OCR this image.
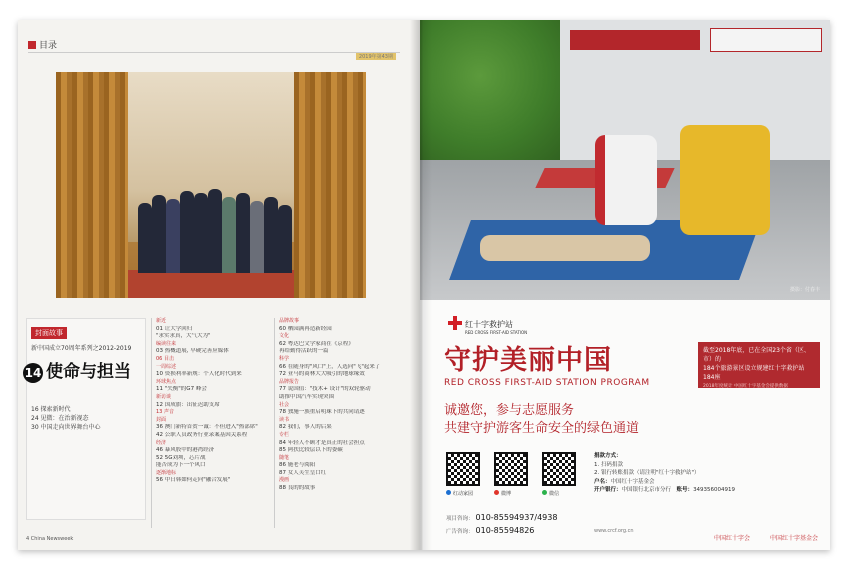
目录
2019年第43期
封面故事
新中国成立70周年系列之2012-2019
14 使命与担当
16 探索新时代
24 见微：在治新视态
30 中国走向世界舞台中心
新近
01 让大学回归
"求实求真，大气大为"
编读往来
03 热概道展, 早硬完善应媒体
06 目击
一周综述
10 资损利率新规：个人化时代到来
环球焦点
11 "失衡"的G7 峰会
新访谈
12 国成旗：出征迟助支席
13 声音
封面
36 澳门新特首贺一诚：不但进入"热部席"
42 公职人员政务行业录案基因关系程
经济
46 暴风股中的港湾经济
52 5G刘圳，芯片战
能否成为下一个风口
逐渐地标
56 中日韩如何走向"融合发展"
品牌故事
60 栖园满再造新经园
文化
62 粤达巴文学家商在《京程》
再给勤得活跃的一篇
科学
66 在随身的"风口"上，人选向"飞"起来了
72 亚马的商林大大吸引的地球缘效
品牌报告
77 说国值："技术+ 设计"的双轮驱动
助推中国汽车实现突围
社会
78 独施一族重启明珠下的共同请逐
读书
82 我们，事人的后果
专栏
84 年轻人不顾才是真正的社会担点
85 阿扶比较层以下的委碳
随笔
86 施老与阅阳
87 女人芙生皇口红
漫画
88 良的的故事
4 China Newsweek
摄影：付春丰
红十字救护站
RED CROSS FIRST-AID STATION
守护美丽中国
RED CROSS FIRST-AID STATION PROGRAM
诚邀您，参与志愿服务
共建守护游客生命安全的绿色通道
截至2018年底，已在全国23个省（区、市）的
184个旅游景区设立规建红十字救护站184座
2018年度统计 中国红十字基金会提供数据
红动家园	微博	微信
捐款方式：
1. 扫码捐款
2. 银行转账捐款（请注明"红十字救护站"）
户名：中国红十字基金会
开户银行：中国银行北京市分行　 账号：349356004919
项目咨询： 010-85594937/4938
广告咨询： 010-85594826	www.crcf.org.cn
中国红十字会	中国红十字基金会
